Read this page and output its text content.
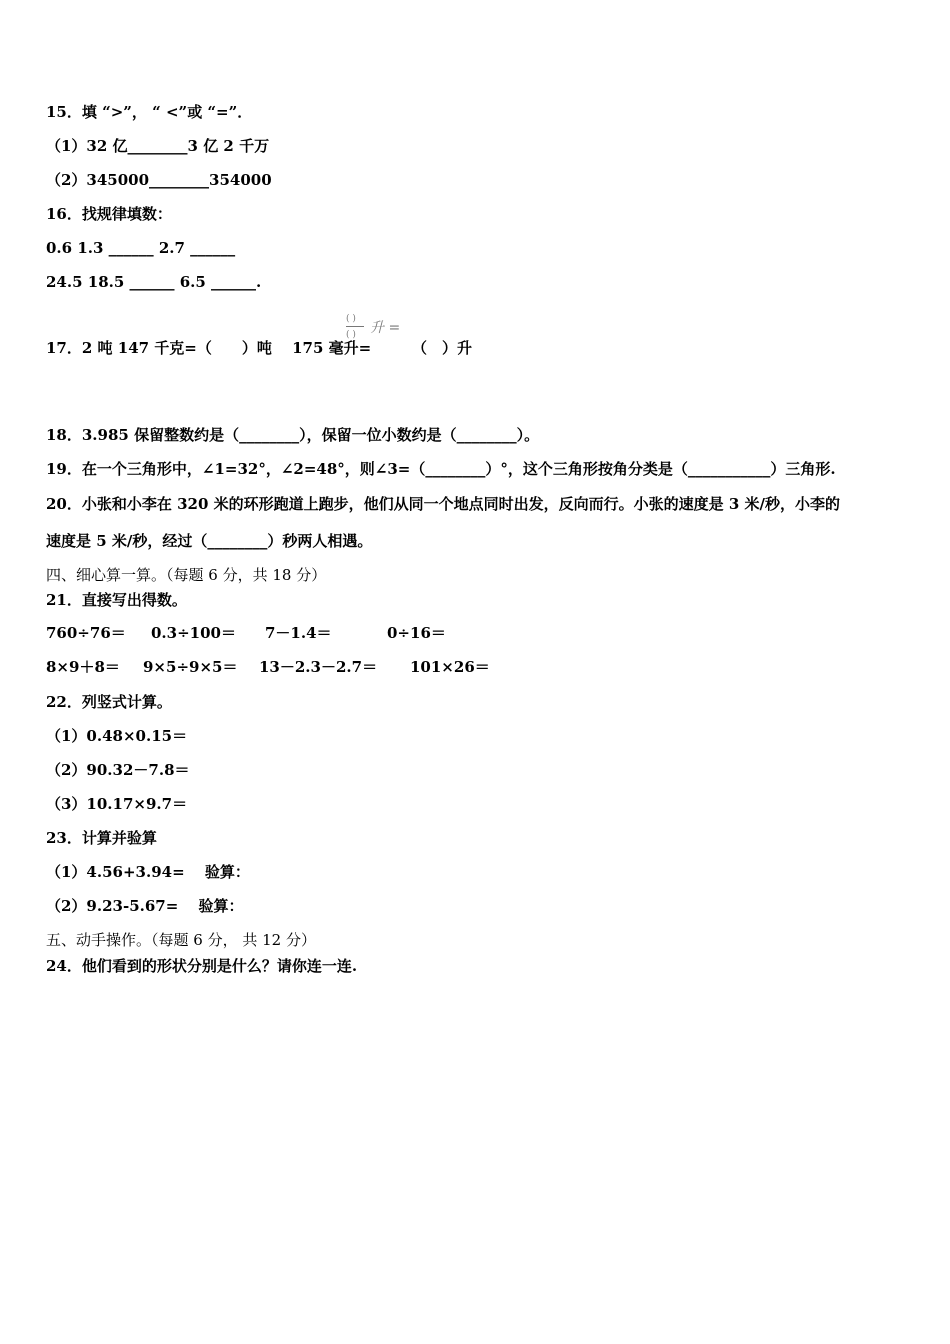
15．填 “>”， “ <”或 “=”．
（1）32 亿________3 亿 2 千万
（2）345000________354000
16．找规律填数：
0.6 1.3 ______ 2.7 ______
24.5 18.5 ______ 6.5 ______.
17．2 吨 147 千克=（　　）吨　 175 毫升=
( )
( ) 升 =
（　）升
18．3.985 保留整数约是（________），保留一位小数约是（________）。
19．在一个三角形中，∠1=32°，∠2=48°，则∠3=（________）°，这个三角形按角分类是（___________）三角形.
20．小张和小李在 320 米的环形跑道上跑步，他们从同一个地点同时出发，反向而行。小张的速度是 3 米/秒，小李的
速度是 5 米/秒，经过（________）秒两人相遇。
四、细心算一算。（每题 6 分，共 18 分）
21．直接写出得数。
760÷76＝ 0.3÷100＝ 7－1.4＝	0÷16＝
8×9＋8＝ 9×5÷9×5＝ 13－2.3－2.7＝ 101×26＝
22．列竖式计算。
（1）0.48×0.15＝
（2）90.32－7.8＝
（3）10.17×9.7＝
23．计算并验算
（1）4.56+3.94=　 验算：
（2）9.23-5.67=　 验算：
五、动手操作。（每题 6 分， 共 12 分）
24．他们看到的形状分别是什么？请你连一连.
